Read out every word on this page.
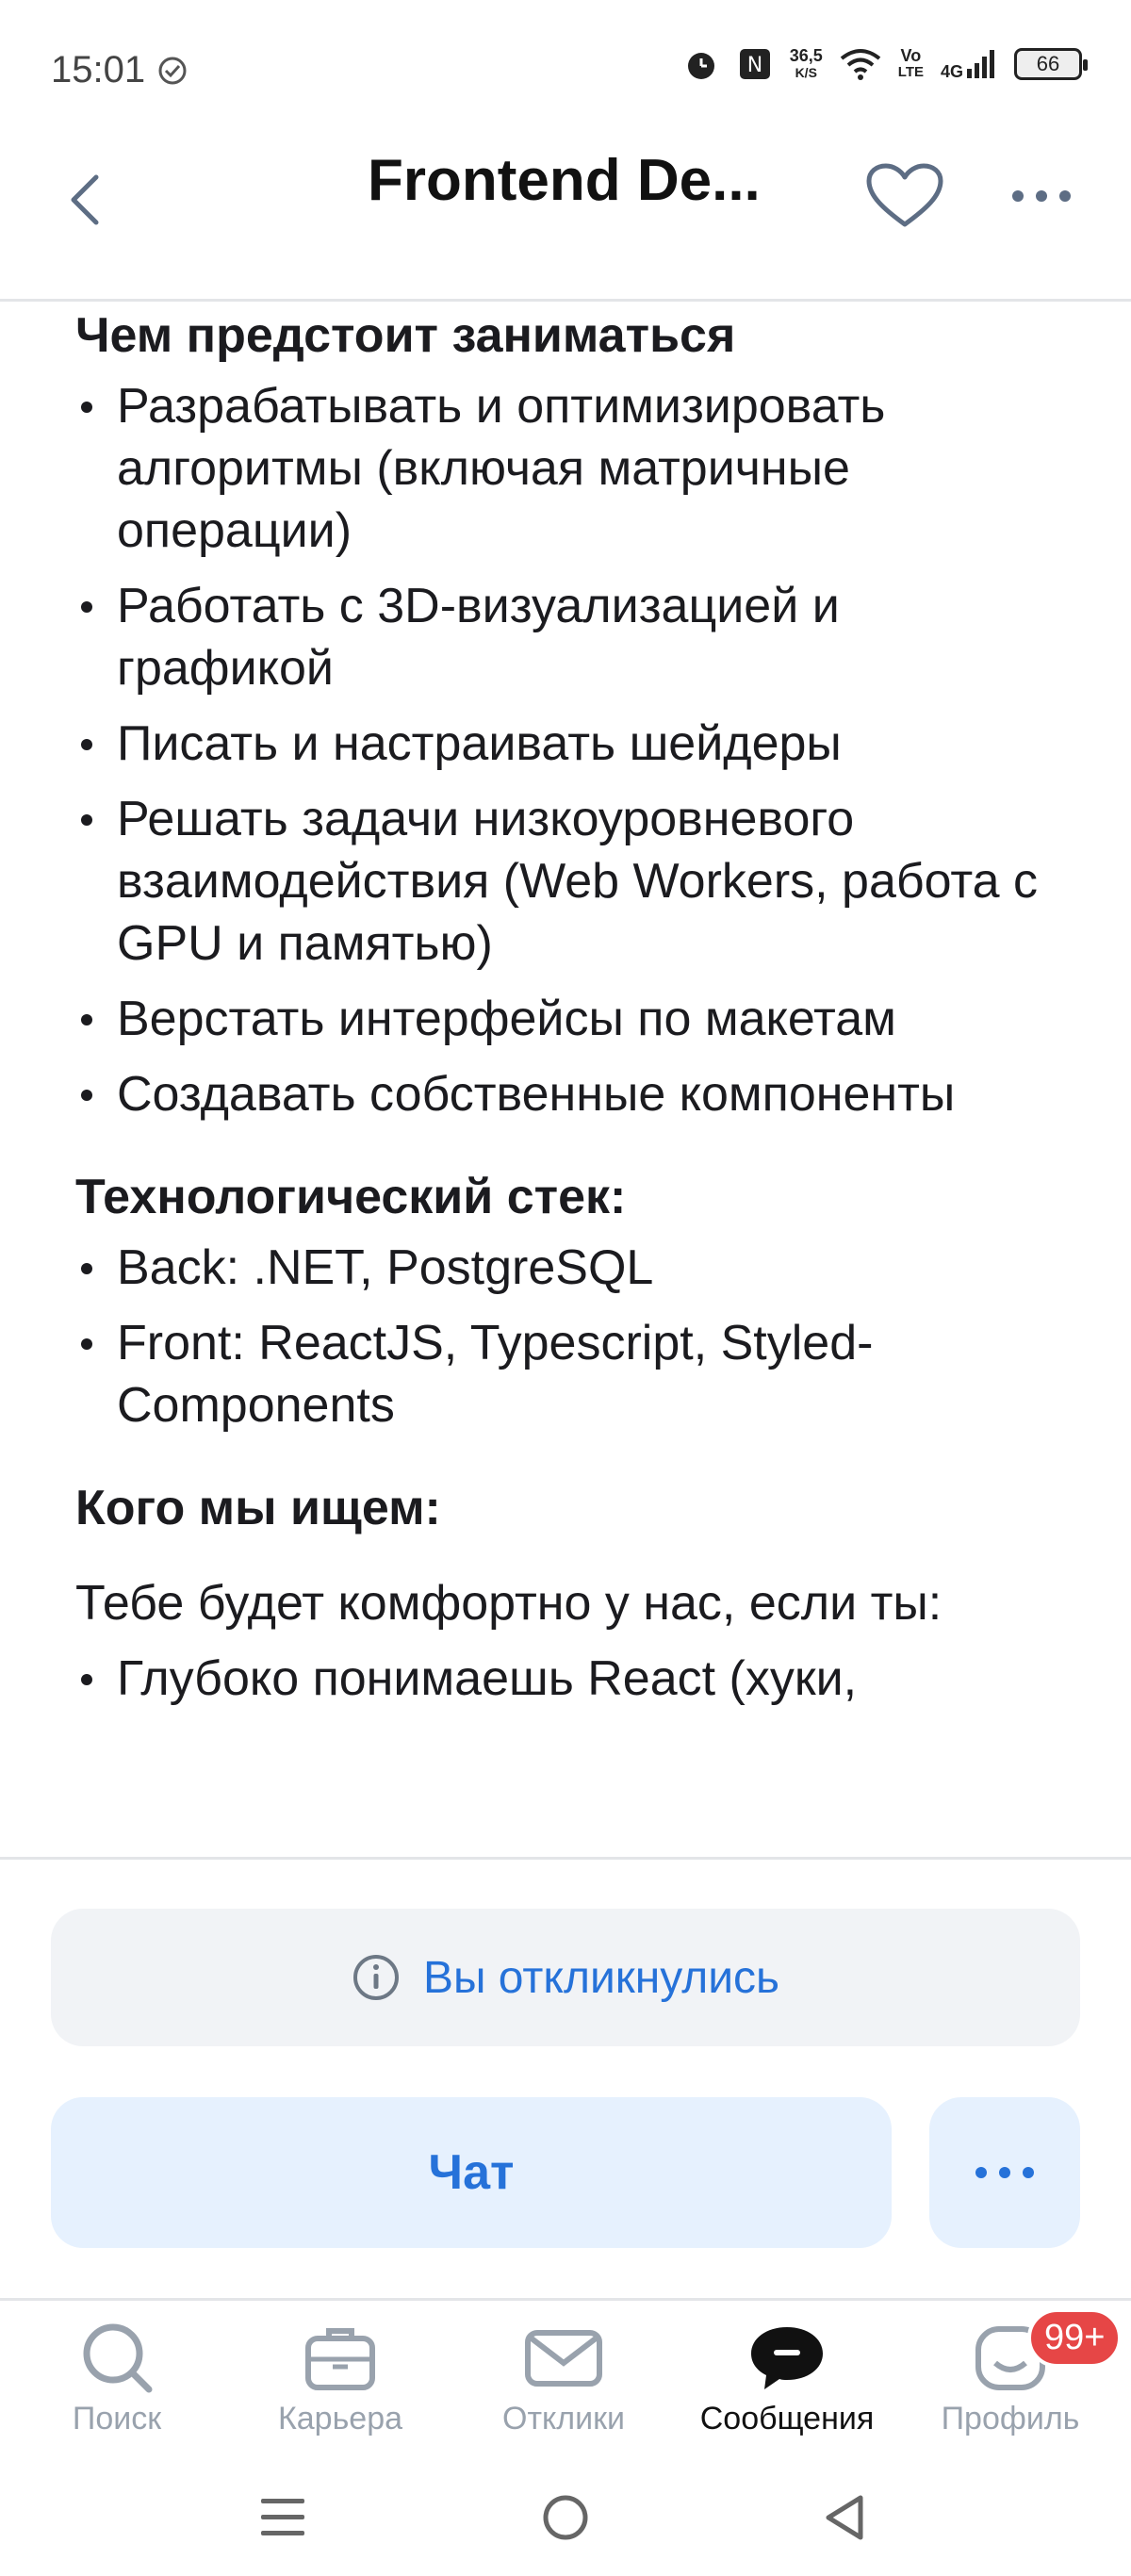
15:01	N 36,5
K/S
Vo
LTE 4G	66
Frontend De...
Чем предстоит заниматься
Разрабатывать и оптимизировать алгоритмы (включая матричные операции)
Работать с 3D-визуализацией и графикой
Писать и настраивать шейдеры
Решать задачи низкоуровневого взаимодействия (Web Workers, работа с GPU и памятью)
Верстать интерфейсы по макетам
Создавать собственные компоненты
Технологический стек:
Back: .NET, PostgreSQL
Front: ReactJS, Typescript, Styled-Components
Кого мы ищем:

Тебе будет комфортно у нас, если ты:

Глубоко понимаешь React (хуки,
Вы откликнулись
Чат
Поиск	Карьера	Отклики Сообщения
99+
Профиль
